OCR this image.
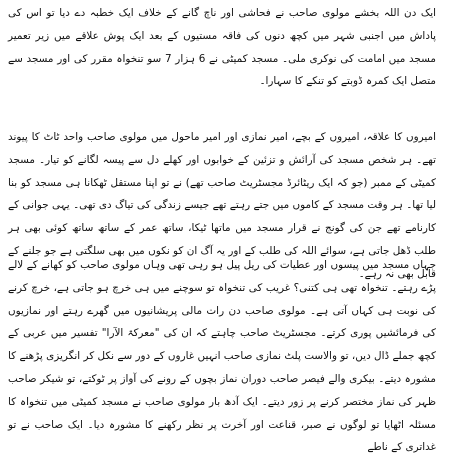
ایک دن اللہ بخشے مولوی صاحب نے فحاشی اور ناچ گانے کے خلاف ایک خطبہ دے دیا تو اس کی پاداش میں اجنبی شہر میں کچھ دنوں کی فاقہ مستیوں کے بعد ایک پوش علاقے میں زیر تعمیر مسجد میں امامت کی نوکری ملی۔ مسجد کمیٹی نے 6 ہزار 7 سو تنخواہ مقرر کی اور مسجد سے متصل ایک کمرہ ڈوبتے کو تنکے کا سہارا۔

امیروں کا علاقہ، امیروں کے بچے، امیر نمازی اور امیر ماحول میں مولوی صاحب واحد ٹاٹ کا پیوند تھے۔ ہر شخص مسجد کی آرائش و تزئین کے خوابوں اور کھلے دل سے پیسہ لگانے کو تیار۔ مسجد کمیٹی کے ممبر (جو کہ ایک ریٹائرڈ مجسٹریٹ صاحب تھے) نے تو اپنا مستقل ٹھکانا ہی مسجد کو بنا لیا تھا۔ ہر وقت مسجد کے کاموں میں جتے رہتے تھے جیسے زندگی کی تیاگ دی تھی۔ یہی جوانی کے کارنامے تھے جن کی گونج نے قرار مسجد میں ماتھا ٹیکا، ساتھ عمر کے ساتھ ساتھ کوئی بھی ہر طلب ڈھل جاتی ہے، سوائے اللہ کی طلب کے اور یہ آگ ان کو نکوں میں بھی سلگتی ہے جو جلنے کے قابل بھی نہ رہے۔

جہاں مسجد میں پیسوں اور عطیات کی ریل پیل ہو رہی تھی وہاں مولوی صاحب کو کھانے کے لالے پڑے رہتے۔ تنخواہ تھی ہی کتنی؟ غریب کی تنخواہ تو سوچنے میں ہی خرچ ہو جاتی ہے، خرچ کرنے کی نوبت ہی کہاں آتی ہے۔ مولوی صاحب دن رات مالی پریشانیوں میں گھرے رہتے اور نمازیوں کی فرمائشیں پوری کرتے۔ مجسٹریٹ صاحب چاہتے کہ ان کی "معرکۃ الآرا" تفسیر میں عربی کے کچھ جملے ڈال دیں، تو والاست پلٹ نمازی صاحب انہیں غاروں کے دور سے نکل کر انگریزی پڑھنے کا مشورہ دیتے۔ بیکری والے فیصر صاحب دوران نماز بچوں کے رونے کی آواز پر ٹوکتے، تو شیکر صاحب ظہر کی نماز مختصر کرنے پر زور دیتے۔ ایک آدھ بار مولوی صاحب نے مسجد کمیٹی میں تنخواہ کا مسئلہ اٹھایا تو لوگوں نے صبر، قناعت اور آخرت پر نظر رکھنے کا مشورہ دیا۔ ایک صاحب نے تو غداتری کے ناطے
